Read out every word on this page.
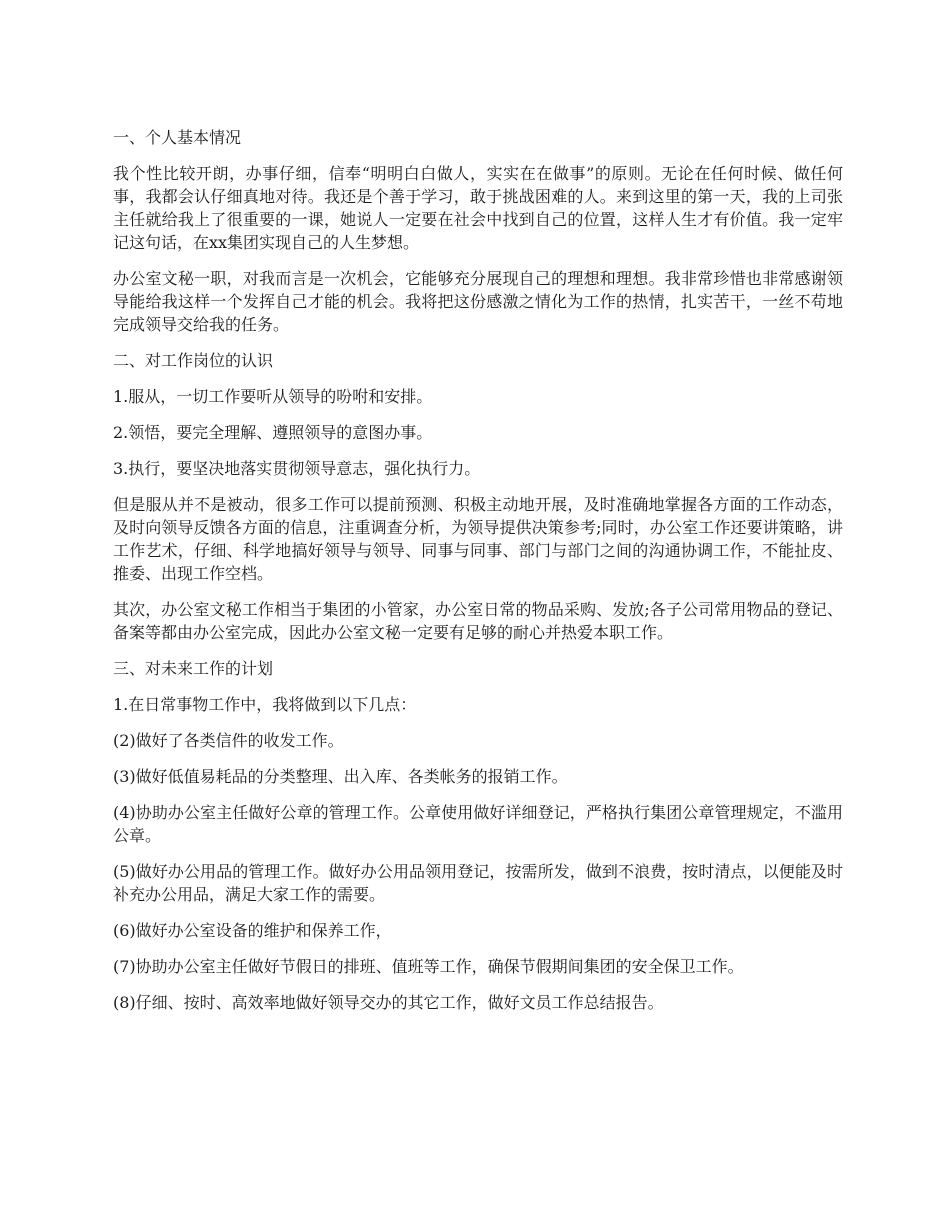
一、个人基本情况

我个性比较开朗，办事仔细，信奉“明明白白做人，实实在在做事”的原则。无论在任何时候、做任何事，我都会认仔细真地对待。我还是个善于学习，敢于挑战困难的人。来到这里的第一天，我的上司张主任就给我上了很重要的一课，她说人一定要在社会中找到自己的位置，这样人生才有价值。我一定牢记这句话，在xx集团实现自己的人生梦想。

办公室文秘一职，对我而言是一次机会，它能够充分展现自己的理想和理想。我非常珍惜也非常感谢领导能给我这样一个发挥自己才能的机会。我将把这份感激之情化为工作的热情，扎实苦干，一丝不苟地完成领导交给我的任务。

二、对工作岗位的认识

1.服从，一切工作要听从领导的吩咐和安排。

2.领悟，要完全理解、遵照领导的意图办事。

3.执行，要坚决地落实贯彻领导意志，强化执行力。

但是服从并不是被动，很多工作可以提前预测、积极主动地开展，及时准确地掌握各方面的工作动态，及时向领导反馈各方面的信息，注重调查分析，为领导提供决策参考;同时，办公室工作还要讲策略，讲工作艺术，仔细、科学地搞好领导与领导、同事与同事、部门与部门之间的沟通协调工作，不能扯皮、推委、出现工作空档。

其次，办公室文秘工作相当于集团的小管家，办公室日常的物品采购、发放;各子公司常用物品的登记、备案等都由办公室完成，因此办公室文秘一定要有足够的耐心并热爱本职工作。

三、对未来工作的计划

1.在日常事物工作中，我将做到以下几点：

(2)做好了各类信件的收发工作。

(3)做好低值易耗品的分类整理、出入库、各类帐务的报销工作。

(4)协助办公室主任做好公章的管理工作。公章使用做好详细登记，严格执行集团公章管理规定，不滥用公章。

(5)做好办公用品的管理工作。做好办公用品领用登记，按需所发，做到不浪费，按时清点，以便能及时补充办公用品，满足大家工作的需要。

(6)做好办公室设备的维护和保养工作，

(7)协助办公室主任做好节假日的排班、值班等工作，确保节假期间集团的安全保卫工作。

(8)仔细、按时、高效率地做好领导交办的其它工作，做好文员工作总结报告。
